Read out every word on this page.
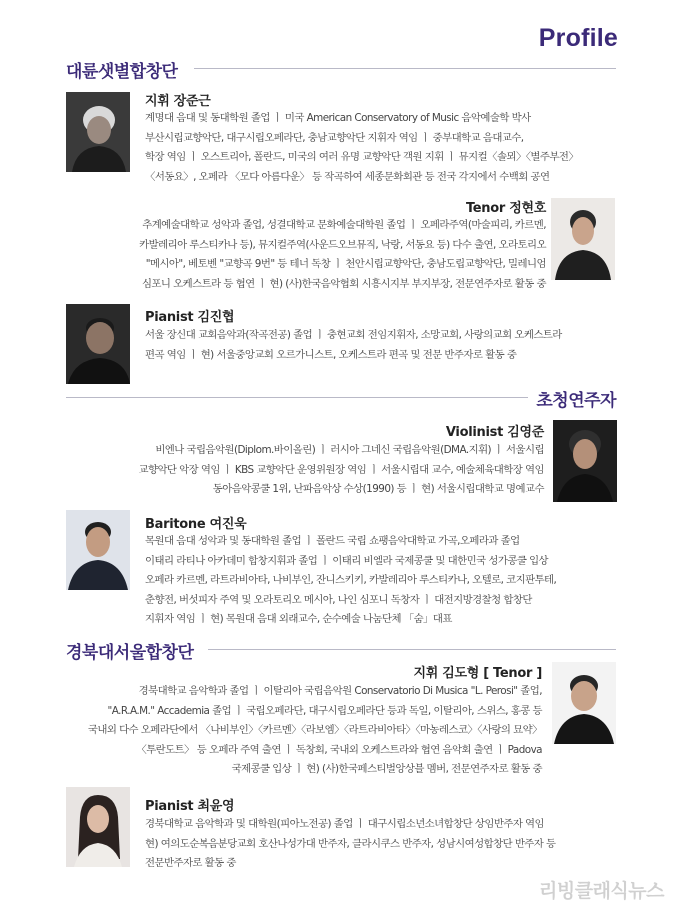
Profile
대륜샛별합창단
지휘 장준근
계명대 음대 및 동대학원 졸업 ㅣ 미국 American Conservatory of Music 음악예술학 박사
부산시립교향악단, 대구시립오페라단, 충남교향악단 지휘자 역임 ㅣ 중부대학교 음대교수,
학장 역임 ㅣ 오스트리아, 폴란드, 미국의 여러 유명 교향악단 객원 지휘 ㅣ 뮤지컬〈솔뫼〉〈별주부전〉
〈서동요〉, 오페라 〈모다 아름다운〉 등 작곡하여 세종문화회관 등 전국 각지에서 수백회 공연
Tenor 정현호
추계예술대학교 성악과 졸업, 성결대학교 문화예술대학원 졸업 ㅣ 오페라주역(마술피리, 카르멘,
카발레리아 루스티카나 등), 뮤지컬주역(사운드오브뮤직, 낙랑, 서동요 등) 다수 출연, 오라토리오
"메시아", 베토벤 "교향곡 9번" 등 테너 독창 ㅣ 천안시립교향악단, 충남도립교향악단, 밀레니엄
심포니 오케스트라 등 협연 ㅣ 현) (사)한국음악협회 시흥시지부 부지부장, 전문연주자로 활동 중
Pianist 김진협
서울 장신대 교회음악과(작곡전공) 졸업 ㅣ 충현교회 전임지휘자, 소망교회, 사랑의교회 오케스트라
편곡 역임 ㅣ 현) 서울중앙교회 오르가니스트, 오케스트라 편곡 및 전문 반주자로 활동 중
초청연주자
Violinist 김영준
비엔나 국립음악원(Diplom.바이올린) ㅣ 러시아 그네신 국립음악원(DMA.지휘) ㅣ 서울시립
교향악단 악장 역임 ㅣ KBS 교향악단 운영위원장 역임 ㅣ 서울시립대 교수, 예술체육대학장 역임
동아음악콩쿨 1위, 난파음악상 수상(1990) 등 ㅣ 현) 서울시립대학교 명예교수
Baritone 여진욱
목원대 음대 성악과 및 동대학원 졸업 ㅣ 폴란드 국립 쇼팽음악대학교 가곡,오페라과 졸업
이태리 라티나 아카데미 합창지휘과 졸업 ㅣ 이태리 비엘라 국제콩쿨 및 대한민국 성가콩쿨 입상
오페라 카르멘, 라트라비아타, 나비부인, 잔니스키키, 카발레리아 루스티카나, 오텔로, 코지판투테,
춘향전, 버섯피자 주역 및 오라토리오 메시아, 나인 심포니 독창자 ㅣ 대전지방경찰청 합창단
지휘자 역임 ㅣ 현) 목원대 음대 외래교수, 순수예술 나눔단체 「숨」대표
경북대서울합창단
지휘 김도형 [ Tenor ]
경북대학교 음악학과 졸업 ㅣ 이탈리아 국립음악원 Conservatorio Di Musica "L. Perosi" 졸업,
"A.R.A.M." Accademia 졸업 ㅣ 국립오페라단, 대구시립오페라단 등과 독일, 이탈리아, 스위스, 홍콩 등
국내외 다수 오페라단에서 〈나비부인〉〈카르멘〉〈라보엠〉〈라트라비아타〉〈마농레스코〉〈사랑의 묘약〉
〈투란도트〉 등 오페라 주역 출연 ㅣ 독창회, 국내외 오케스트라와 협연 음악회 출연 ㅣ Padova
국제콩쿨 입상 ㅣ 현) (사)한국페스티벌앙상블 멤버, 전문연주자로 활동 중
Pianist 최윤영
경북대학교 음악학과 및 대학원(피아노전공) 졸업 ㅣ 대구시립소년소녀합창단 상임반주자 역임
현) 여의도순복음분당교회 호산나성가대 반주자, 클라시쿠스 반주자, 성남시여성합창단 반주자 등
전문반주자로 활동 중
리빙클래식뉴스
